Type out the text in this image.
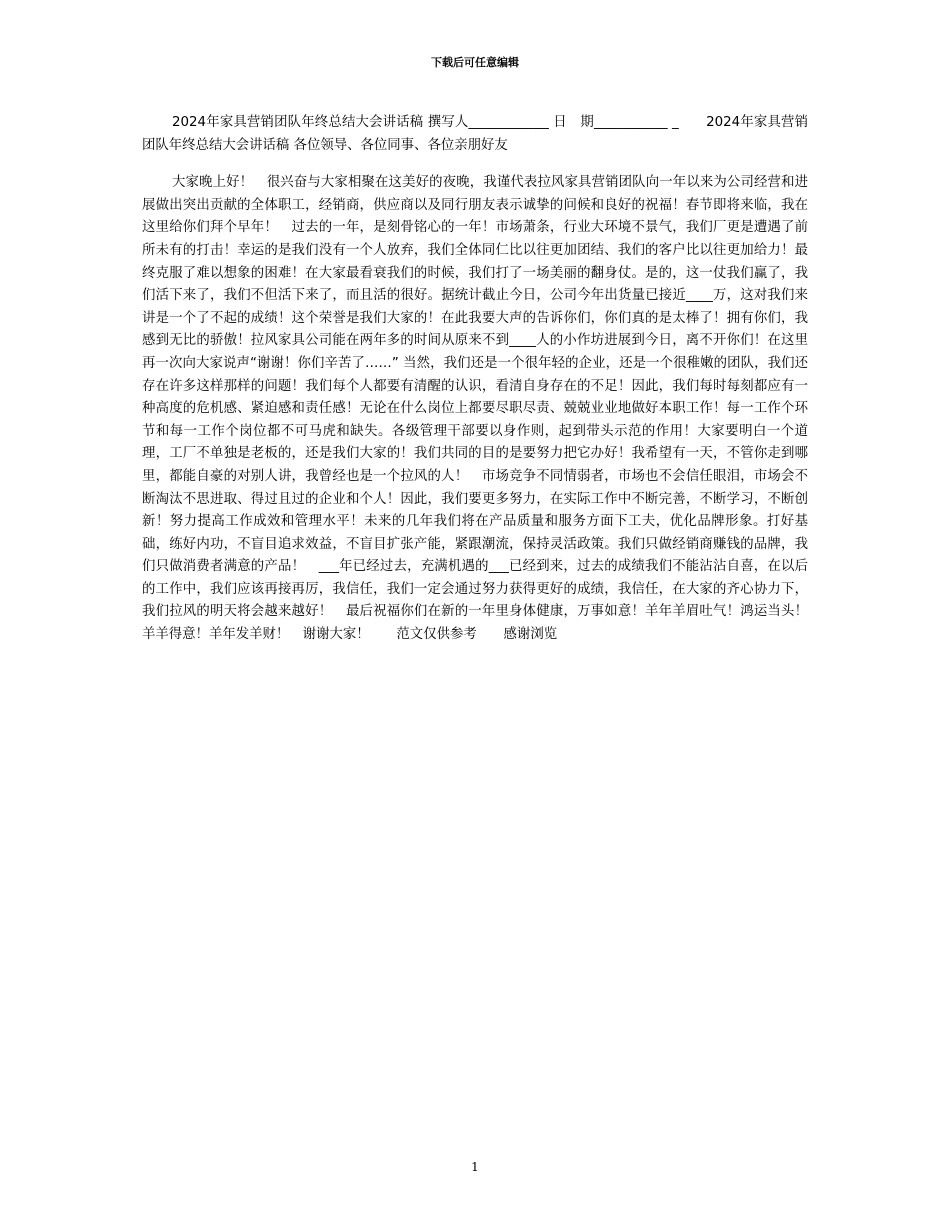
下载后可任意编辑

2024年家具营销团队年终总结大会讲话稿 撰写人____________ 日　期___________ _　　2024年家具营销团队年终总结大会讲话稿 各位领导、各位同事、各位亲朋好友

大家晚上好！　很兴奋与大家相聚在这美好的夜晚，我谨代表拉风家具营销团队向一年以来为公司经营和进展做出突出贡献的全体职工，经销商，供应商以及同行朋友表示诚挚的问候和良好的祝福！春节即将来临，我在这里给你们拜个早年！　过去的一年，是刻骨铭心的一年！市场萧条，行业大环境不景气，我们厂更是遭遇了前所未有的打击！幸运的是我们没有一个人放弃，我们全体同仁比以往更加团结、我们的客户比以往更加给力！最终克服了难以想象的困难！在大家最看衰我们的时候，我们打了一场美丽的翻身仗。是的，这一仗我们赢了，我们活下来了，我们不但活下来了，而且活的很好。据统计截止今日，公司今年出货量已接近____万，这对我们来讲是一个了不起的成绩！这个荣誉是我们大家的！在此我要大声的告诉你们，你们真的是太棒了！拥有你们，我感到无比的骄傲！拉风家具公司能在两年多的时间从原来不到____人的小作坊进展到今日，离不开你们！在这里再一次向大家说声“谢谢！你们辛苦了……” 当然，我们还是一个很年轻的企业，还是一个很稚嫩的团队，我们还存在许多这样那样的问题！我们每个人都要有清醒的认识，看清自身存在的不足！因此，我们每时每刻都应有一种高度的危机感、紧迫感和责任感！无论在什么岗位上都要尽职尽责、兢兢业业地做好本职工作！每一工作个环节和每一工作个岗位都不可马虎和缺失。各级管理干部要以身作则，起到带头示范的作用！大家要明白一个道理，工厂不单独是老板的，还是我们大家的！我们共同的目的是要努力把它办好！我希望有一天，不管你走到哪里，都能自豪的对别人讲，我曾经也是一个拉风的人！　市场竞争不同情弱者，市场也不会信任眼泪，市场会不断淘汰不思进取、得过且过的企业和个人！因此，我们要更多努力，在实际工作中不断完善，不断学习，不断创新！努力提高工作成效和管理水平！未来的几年我们将在产品质量和服务方面下工夫，优化品牌形象。打好基础，练好内功，不盲目追求效益，不盲目扩张产能，紧跟潮流，保持灵活政策。我们只做经销商赚钱的品牌，我们只做消费者满意的产品！　___年已经过去，充满机遇的___已经到来，过去的成绩我们不能沾沾自喜，在以后的工作中，我们应该再接再厉，我信任，我们一定会通过努力获得更好的成绩，我信任，在大家的齐心协力下，我们拉风的明天将会越来越好！　最后祝福你们在新的一年里身体健康，万事如意！羊年羊眉吐气！鸿运当头！羊羊得意！羊年发羊财！　谢谢大家！　　范文仅供参考　　感谢浏览

1
